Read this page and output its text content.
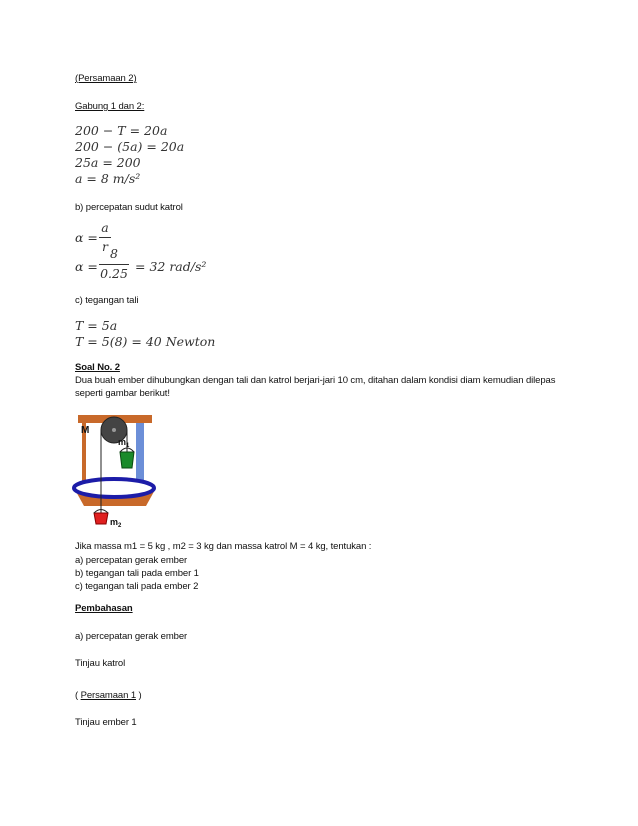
(Persamaan 2)
Gabung 1 dan 2:
200 − T = 20a
200 − (5a) = 20a
25a = 200
a = 8 m/s²
b) percepatan sudut katrol
α =
a
r
α =
8
0.25 = 32 rad/s²
c) tegangan tali
T = 5a
T = 5(8) = 40 Newton
Soal No. 2
Dua buah ember dihubungkan dengan tali dan katrol berjari-jari 10 cm, ditahan dalam kondisi diam kemudian dilepas seperti gambar berikut!
M
$m_1$
$m_2$
Jika massa m1 = 5 kg , m2 = 3 kg dan massa katrol M = 4 kg, tentukan :
a) percepatan gerak ember
b) tegangan tali pada ember 1
c) tegangan tali pada ember 2
Pembahasan
a) percepatan gerak ember
Tinjau katrol
( Persamaan 1 )
Tinjau ember 1
